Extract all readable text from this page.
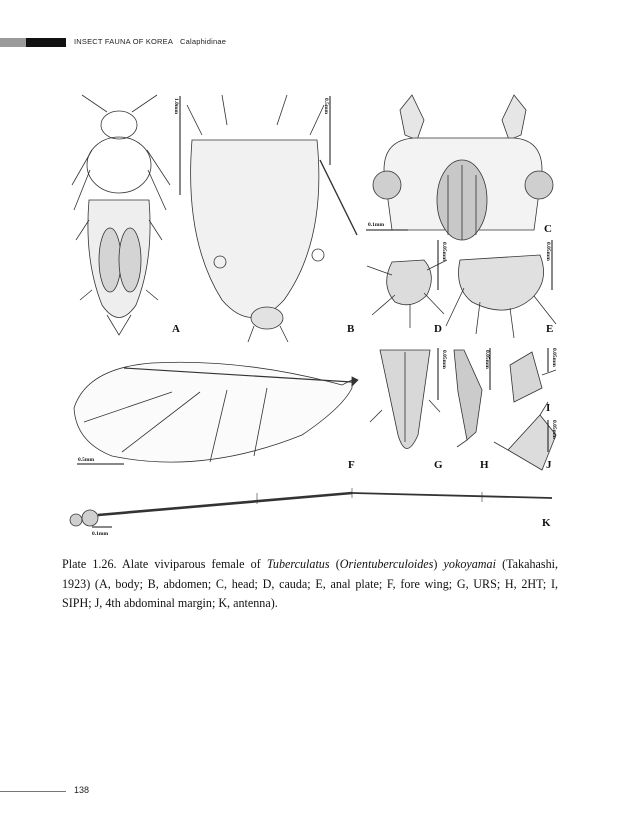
INSECT FAUNA OF KOREA Calaphidinae
A	B
C
D	E
F	G	H
I
J
K
1.0mm	0.5mm
0.1mm
0.05mm	0.05mm
0.5mm
0.05mm	0.05mm	0.05mm
0.05mm
0.1mm
Plate 1.26. Alate viviparous female of Tuberculatus (Orientuberculoides) yokoyamai (Takahashi, 1923) (A, body; B, abdomen; C, head; D, cauda; E, anal plate; F, fore wing; G, URS; H, 2HT; I, SIPH; J, 4th abdominal margin; K, antenna).
138
